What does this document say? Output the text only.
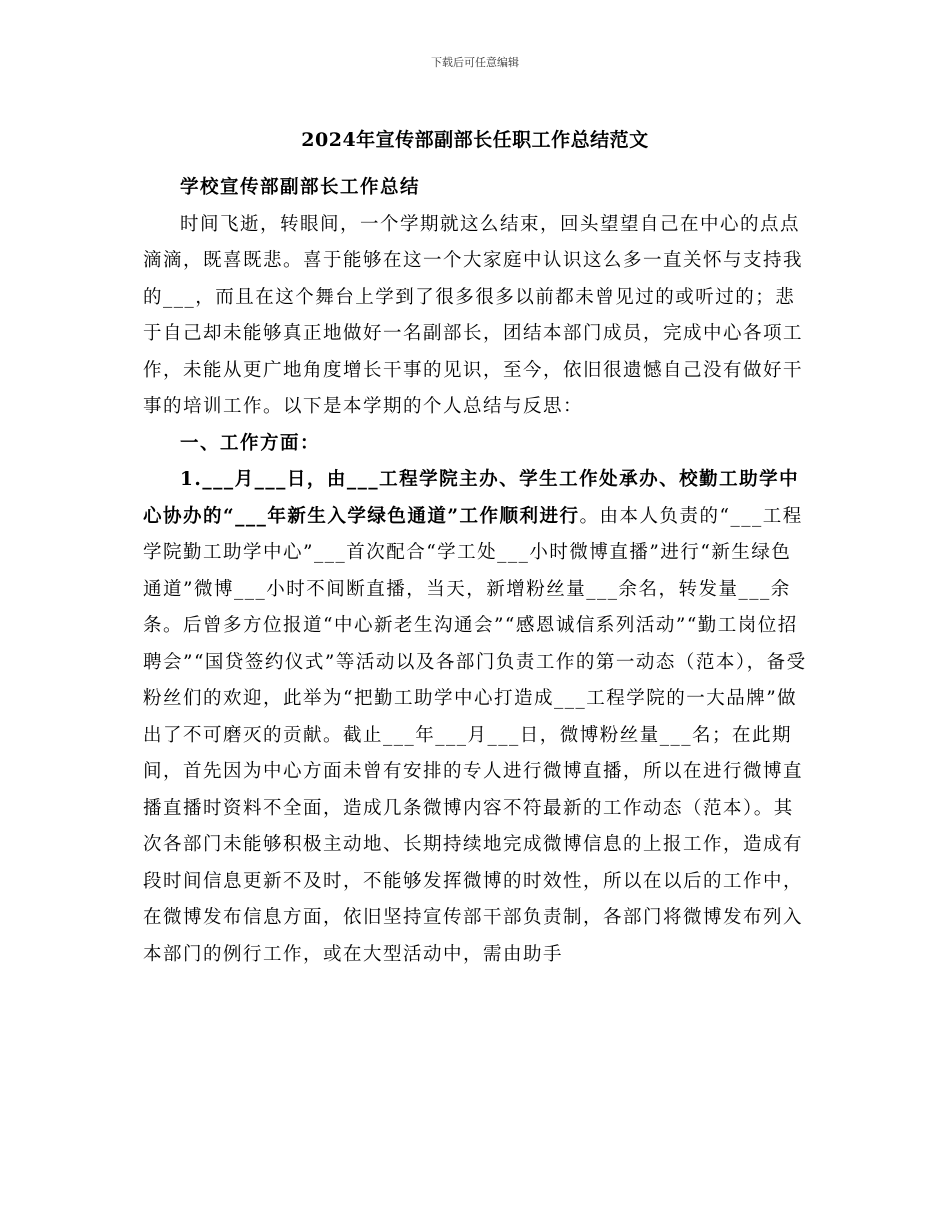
下载后可任意编辑
2024年宣传部副部长任职工作总结范文

学校宣传部副部长工作总结

时间飞逝，转眼间，一个学期就这么结束，回头望望自己在中心的点点滴滴，既喜既悲。喜于能够在这一个大家庭中认识这么多一直关怀与支持我的___，而且在这个舞台上学到了很多很多以前都未曾见过的或听过的；悲于自己却未能够真正地做好一名副部长，团结本部门成员，完成中心各项工作，未能从更广地角度增长干事的见识，至今，依旧很遗憾自己没有做好干事的培训工作。以下是本学期的个人总结与反思：

一、工作方面：

1.___月___日，由___工程学院主办、学生工作处承办、校勤工助学中心协办的“___年新生入学绿色通道”工作顺利进行。由本人负责的“___工程学院勤工助学中心”___首次配合“学工处___小时微博直播”进行“新生绿色通道”微博___小时不间断直播，当天，新增粉丝量___余名，转发量___余条。后曾多方位报道“中心新老生沟通会”“感恩诚信系列活动”“勤工岗位招聘会”“国贷签约仪式”等活动以及各部门负责工作的第一动态（范本），备受粉丝们的欢迎，此举为“把勤工助学中心打造成___工程学院的一大品牌”做出了不可磨灭的贡献。截止___年___月___日，微博粉丝量___名；在此期间，首先因为中心方面未曾有安排的专人进行微博直播，所以在进行微博直播直播时资料不全面，造成几条微博内容不符最新的工作动态（范本）。其次各部门未能够积极主动地、长期持续地完成微博信息的上报工作，造成有段时间信息更新不及时，不能够发挥微博的时效性，所以在以后的工作中，在微博发布信息方面，依旧坚持宣传部干部负责制，各部门将微博发布列入本部门的例行工作，或在大型活动中，需由助手
